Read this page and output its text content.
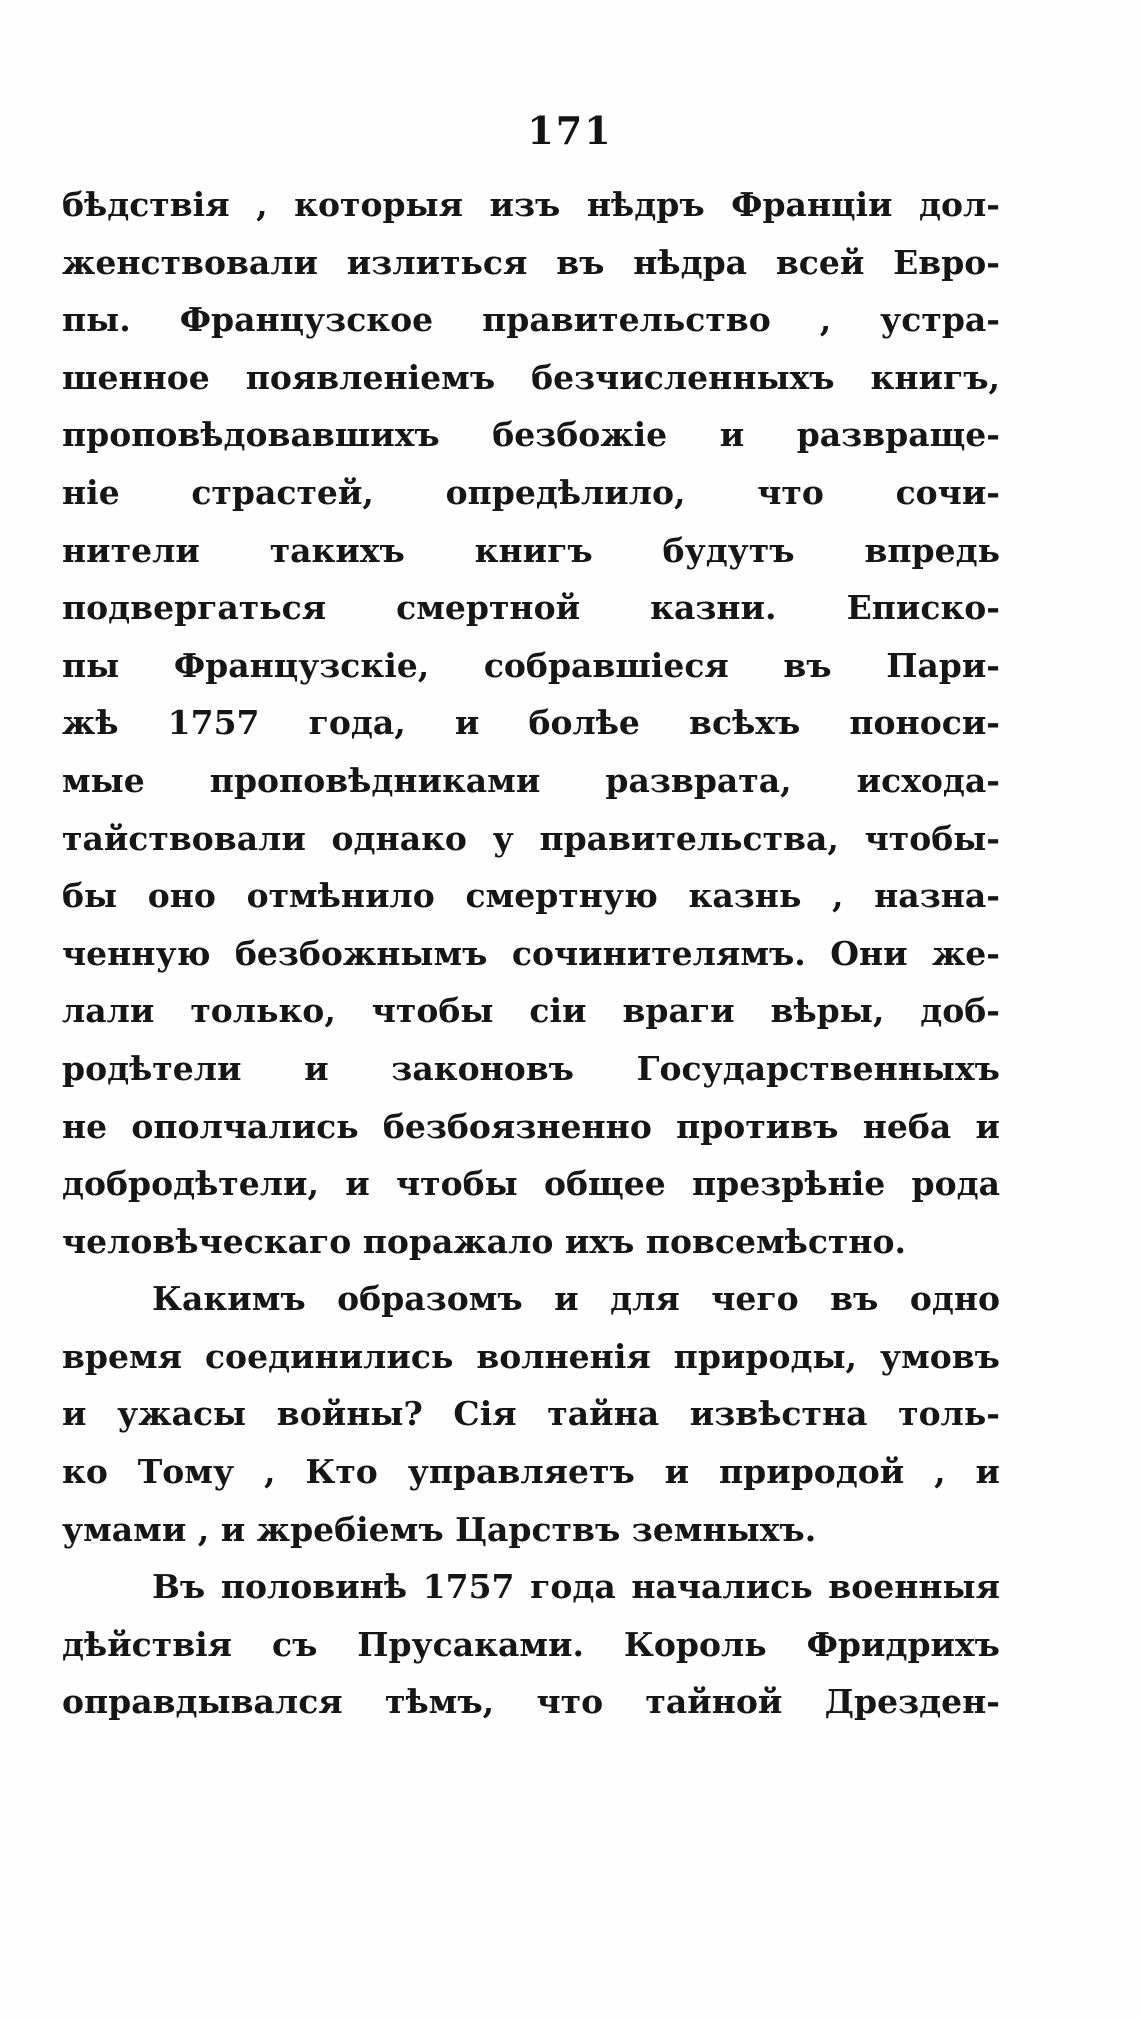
171
бѣдствія , которыя изъ нѣдръ Франціи дол-
женствовали излиться въ нѣдра всей Евро-
пы. Французское правительство , устра-
шенное появленіемъ безчисленныхъ книгъ,
проповѣдовавшихъ безбожіе и развраще-
ніе страстей, опредѣлило, что сочи-
нители такихъ книгъ будутъ впредь
подвергаться смертной казни. Еписко-
пы Французскіе, собравшіеся въ Пари-
жѣ 1757 года, и болѣе всѣхъ поноси-
мые проповѣдниками разврата, исхода-
тайствовали однако у правительства, чтобы-
бы оно отмѣнило смертную казнь , назна-
ченную безбожнымъ сочинителямъ. Они же-
лали только, чтобы сіи враги вѣры, доб-
родѣтели и законовъ Государственныхъ
не ополчались безбоязненно противъ неба и
добродѣтели, и чтобы общее презрѣніе рода
человѣческаго поражало ихъ повсемѣстно.
Какимъ образомъ и для чего въ одно
время соединились волненія природы, умовъ
и ужасы войны? Сія тайна извѣстна толь-
ко Тому , Кто управляетъ и природой , и
умами , и жребіемъ Царствъ земныхъ.
Въ половинѣ 1757 года начались военныя
дѣйствія съ Прусаками. Король Фридрихъ
оправдывался тѣмъ, что тайной Дрезден-
